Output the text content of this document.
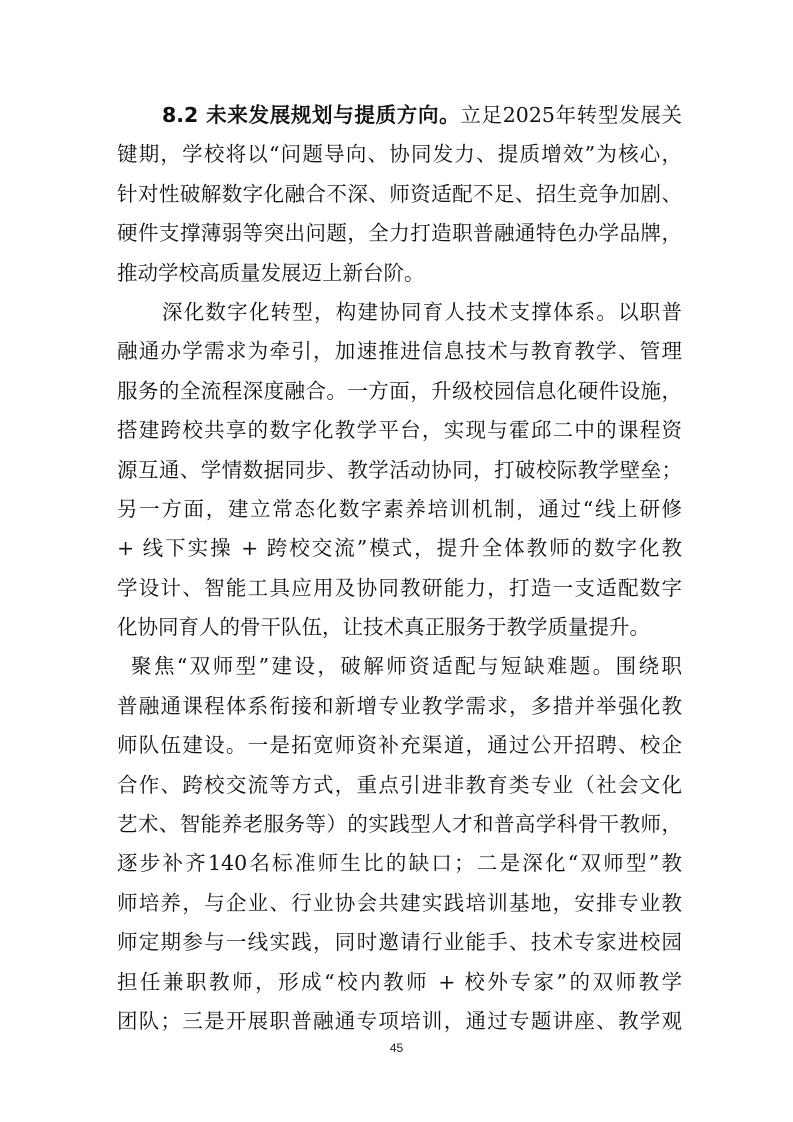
8.2 未来发展规划与提质方向。立足2025年转型发展关
键期，学校将以“问题导向、协同发力、提质增效”为核心，
针对性破解数字化融合不深、师资适配不足、招生竞争加剧、
硬件支撑薄弱等突出问题，全力打造职普融通特色办学品牌，
推动学校高质量发展迈上新台阶。
深化数字化转型，构建协同育人技术支撑体系。以职普
融通办学需求为牵引，加速推进信息技术与教育教学、管理
服务的全流程深度融合。一方面，升级校园信息化硬件设施，
搭建跨校共享的数字化教学平台，实现与霍邱二中的课程资
源互通、学情数据同步、教学活动协同，打破校际教学壁垒；
另一方面，建立常态化数字素养培训机制，通过“线上研修
+ 线下实操 + 跨校交流”模式，提升全体教师的数字化教
学设计、智能工具应用及协同教研能力，打造一支适配数字
化协同育人的骨干队伍，让技术真正服务于教学质量提升。
聚焦“双师型”建设，破解师资适配与短缺难题。围绕职
普融通课程体系衔接和新增专业教学需求，多措并举强化教
师队伍建设。一是拓宽师资补充渠道，通过公开招聘、校企
合作、跨校交流等方式，重点引进非教育类专业（社会文化
艺术、智能养老服务等）的实践型人才和普高学科骨干教师，
逐步补齐140名标准师生比的缺口；二是深化“双师型”教
师培养，与企业、行业协会共建实践培训基地，安排专业教
师定期参与一线实践，同时邀请行业能手、技术专家进校园
担任兼职教师，形成“校内教师 + 校外专家”的双师教学
团队；三是开展职普融通专项培训，通过专题讲座、教学观
45
